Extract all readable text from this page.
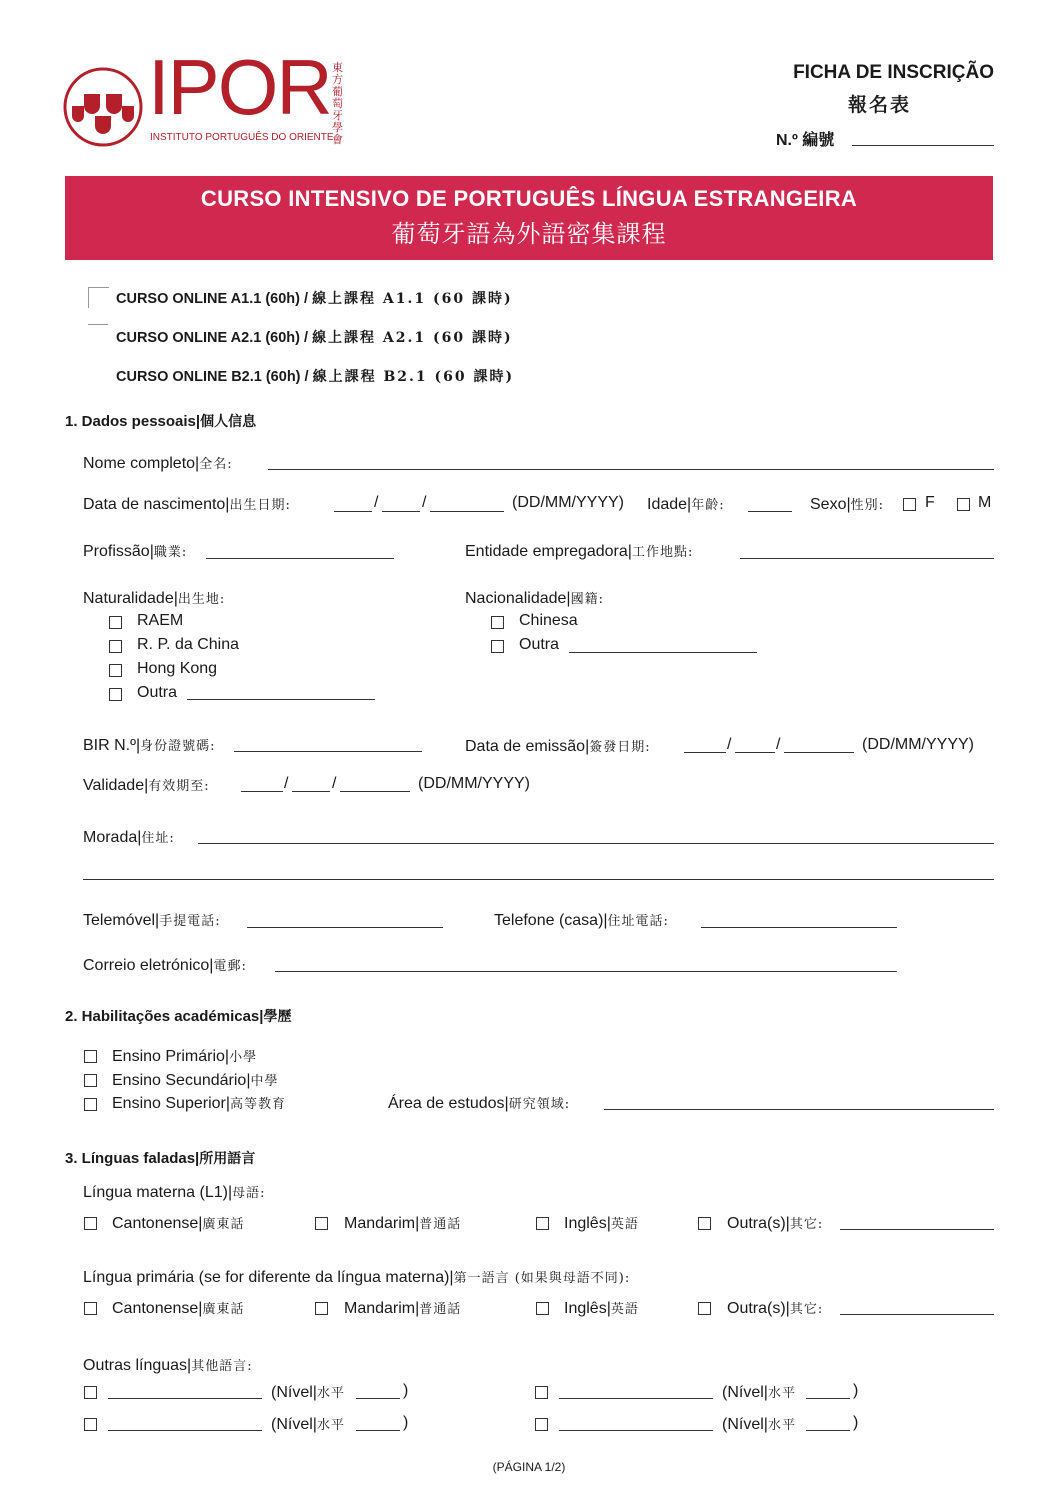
IPOR
INSTITUTO PORTUGUÊS DO ORIENTE
東方葡萄牙學會
FICHA DE INSCRIÇÃO
報名表
N.º 編號
CURSO INTENSIVO DE PORTUGUÊS LÍNGUA ESTRANGEIRA
葡萄牙語為外語密集課程
CURSO ONLINE A1.1 (60h) / 線上課程 A1.1 (60 課時)
CURSO ONLINE A2.1 (60h) / 線上課程 A2.1 (60 課時)
CURSO ONLINE B2.1 (60h) / 線上課程 B2.1 (60 課時)
1. Dados pessoais|個人信息
Nome completo|全名:
Data de nascimento|出生日期:	/	/	(DD/MM/YYYY) Idade|年齡:	Sexo|性別:	F	M
Profissão|職業:	Entidade empregadora|工作地點:
Naturalidade|出生地:
RAEM
R. P. da China
Hong Kong
Outra
Nacionalidade|國籍:
Chinesa
Outra
BIR N.º|身份證號碼:	Data de emissão|簽發日期:	/	/	(DD/MM/YYYY)
Validade|有效期至:	/	/	(DD/MM/YYYY)
Morada|住址:
Telemóvel|手提電話:	Telefone (casa)|住址電話:
Correio eletrónico|電郵:
2. Habilitações académicas|學歷
Ensino Primário|小學
Ensino Secundário|中學
Ensino Superior|高等教育	Área de estudos|研究領域:
3. Línguas faladas|所用語言
Língua materna (L1)|母語:
Cantonense|廣東話	Mandarim|普通話	Inglês|英語	Outra(s)|其它:
Língua primária (se for diferente da língua materna)|第一語言 (如果與母語不同):
Cantonense|廣東話	Mandarim|普通話	Inglês|英語	Outra(s)|其它:
Outras línguas|其他語言:
(Nível|水平	)	(Nível|水平	)
(Nível|水平	)	(Nível|水平	)
(PÁGINA 1/2)
